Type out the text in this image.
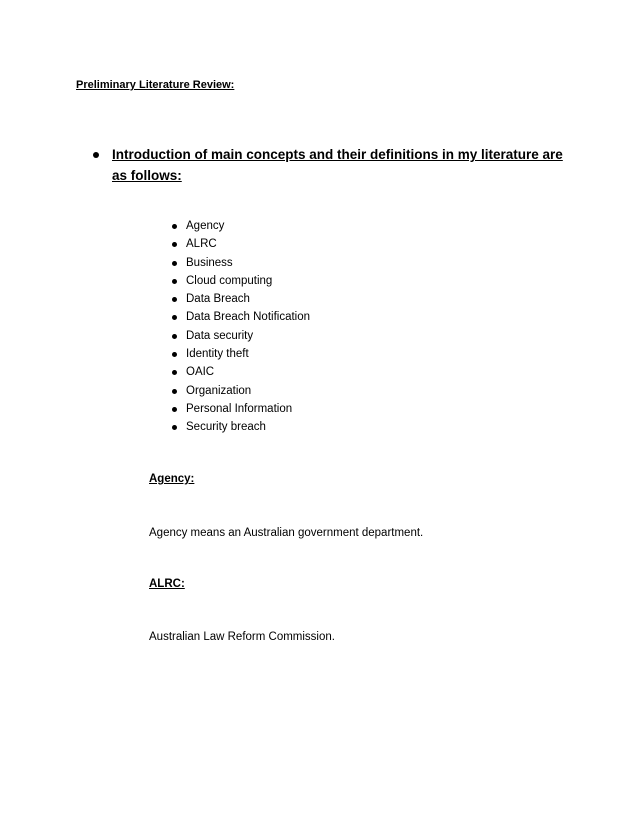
Preliminary Literature Review:
Introduction of main concepts and their definitions in my literature are as follows:
Agency
ALRC
Business
Cloud computing
Data Breach
Data Breach Notification
Data security
Identity theft
OAIC
Organization
Personal Information
Security breach
Agency:
Agency means an Australian government department.
ALRC:
Australian Law Reform Commission.
